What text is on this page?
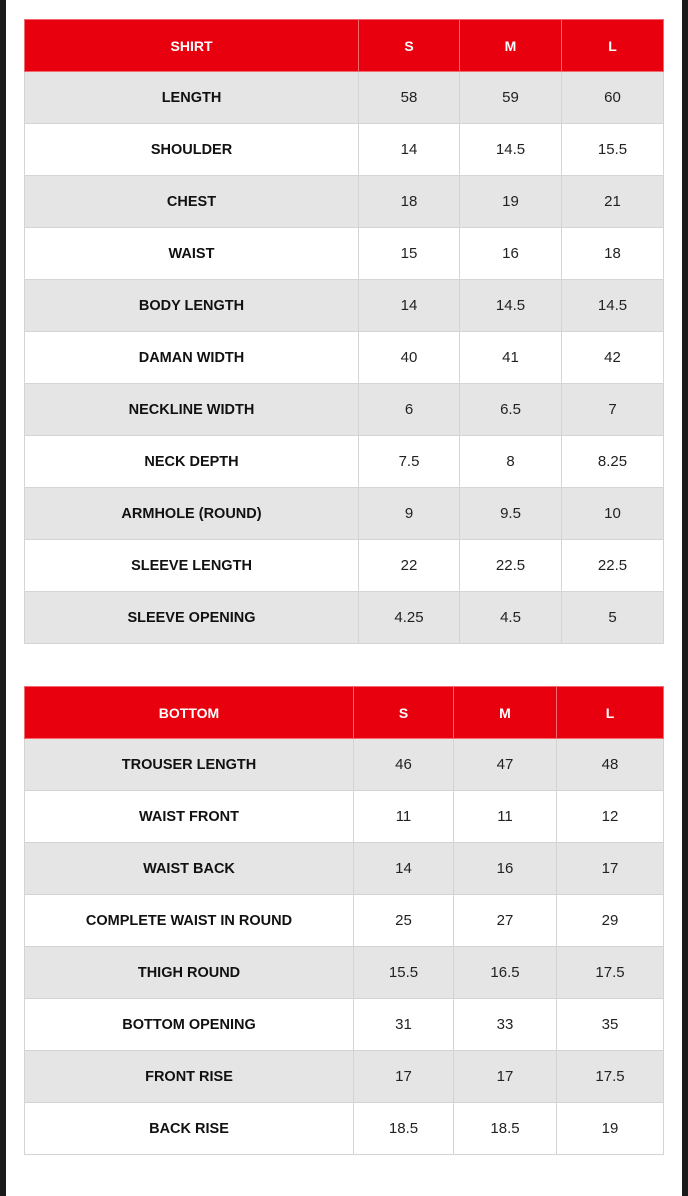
SHIRT	S	M	L
LENGTH	58	59	60
SHOULDER	14	14.5	15.5
CHEST	18	19	21
WAIST	15	16	18
BODY LENGTH	14	14.5	14.5
DAMAN WIDTH	40	41	42
NECKLINE WIDTH	6	6.5	7
NECK DEPTH	7.5	8	8.25
ARMHOLE (ROUND)	9	9.5	10
SLEEVE LENGTH	22	22.5	22.5
SLEEVE OPENING	4.25	4.5	5
BOTTOM	S	M	L
TROUSER LENGTH	46	47	48
WAIST FRONT	11	11	12
WAIST BACK	14	16	17
COMPLETE WAIST IN ROUND	25	27	29
THIGH ROUND	15.5	16.5	17.5
BOTTOM OPENING	31	33	35
FRONT RISE	17	17	17.5
BACK RISE	18.5	18.5	19
